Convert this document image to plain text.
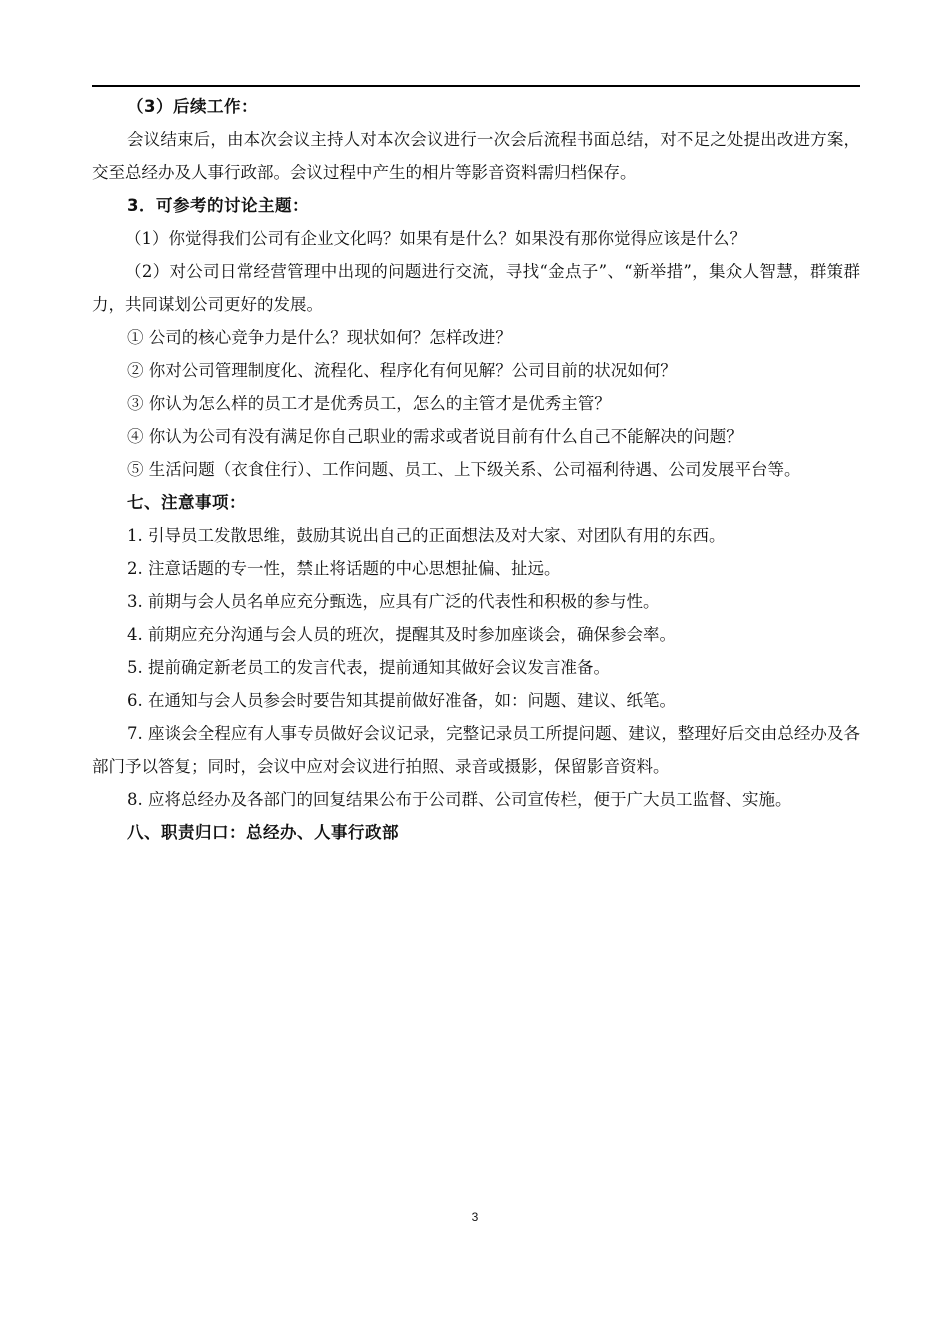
（3）后续工作：

会议结束后，由本次会议主持人对本次会议进行一次会后流程书面总结，对不足之处提出改进方案，交至总经办及人事行政部。会议过程中产生的相片等影音资料需归档保存。

3．可参考的讨论主题：

（1）你觉得我们公司有企业文化吗？如果有是什么？如果没有那你觉得应该是什么？

（2）对公司日常经营管理中出现的问题进行交流，寻找“金点子”、“新举措”，集众人智慧，群策群力，共同谋划公司更好的发展。

① 公司的核心竞争力是什么？现状如何？怎样改进？

② 你对公司管理制度化、流程化、程序化有何见解？公司目前的状况如何？

③ 你认为怎么样的员工才是优秀员工，怎么的主管才是优秀主管？

④ 你认为公司有没有满足你自己职业的需求或者说目前有什么自己不能解决的问题？

⑤ 生活问题（衣食住行）、工作问题、员工、上下级关系、公司福利待遇、公司发展平台等。

七、注意事项：

1. 引导员工发散思维，鼓励其说出自己的正面想法及对大家、对团队有用的东西。

2. 注意话题的专一性，禁止将话题的中心思想扯偏、扯远。

3. 前期与会人员名单应充分甄选，应具有广泛的代表性和积极的参与性。

4. 前期应充分沟通与会人员的班次，提醒其及时参加座谈会，确保参会率。

5. 提前确定新老员工的发言代表，提前通知其做好会议发言准备。

6. 在通知与会人员参会时要告知其提前做好准备，如：问题、建议、纸笔。

7. 座谈会全程应有人事专员做好会议记录，完整记录员工所提问题、建议，整理好后交由总经办及各部门予以答复；同时，会议中应对会议进行拍照、录音或摄影，保留影音资料。

8. 应将总经办及各部门的回复结果公布于公司群、公司宣传栏，便于广大员工监督、实施。

八、职责归口：总经办、人事行政部

3
